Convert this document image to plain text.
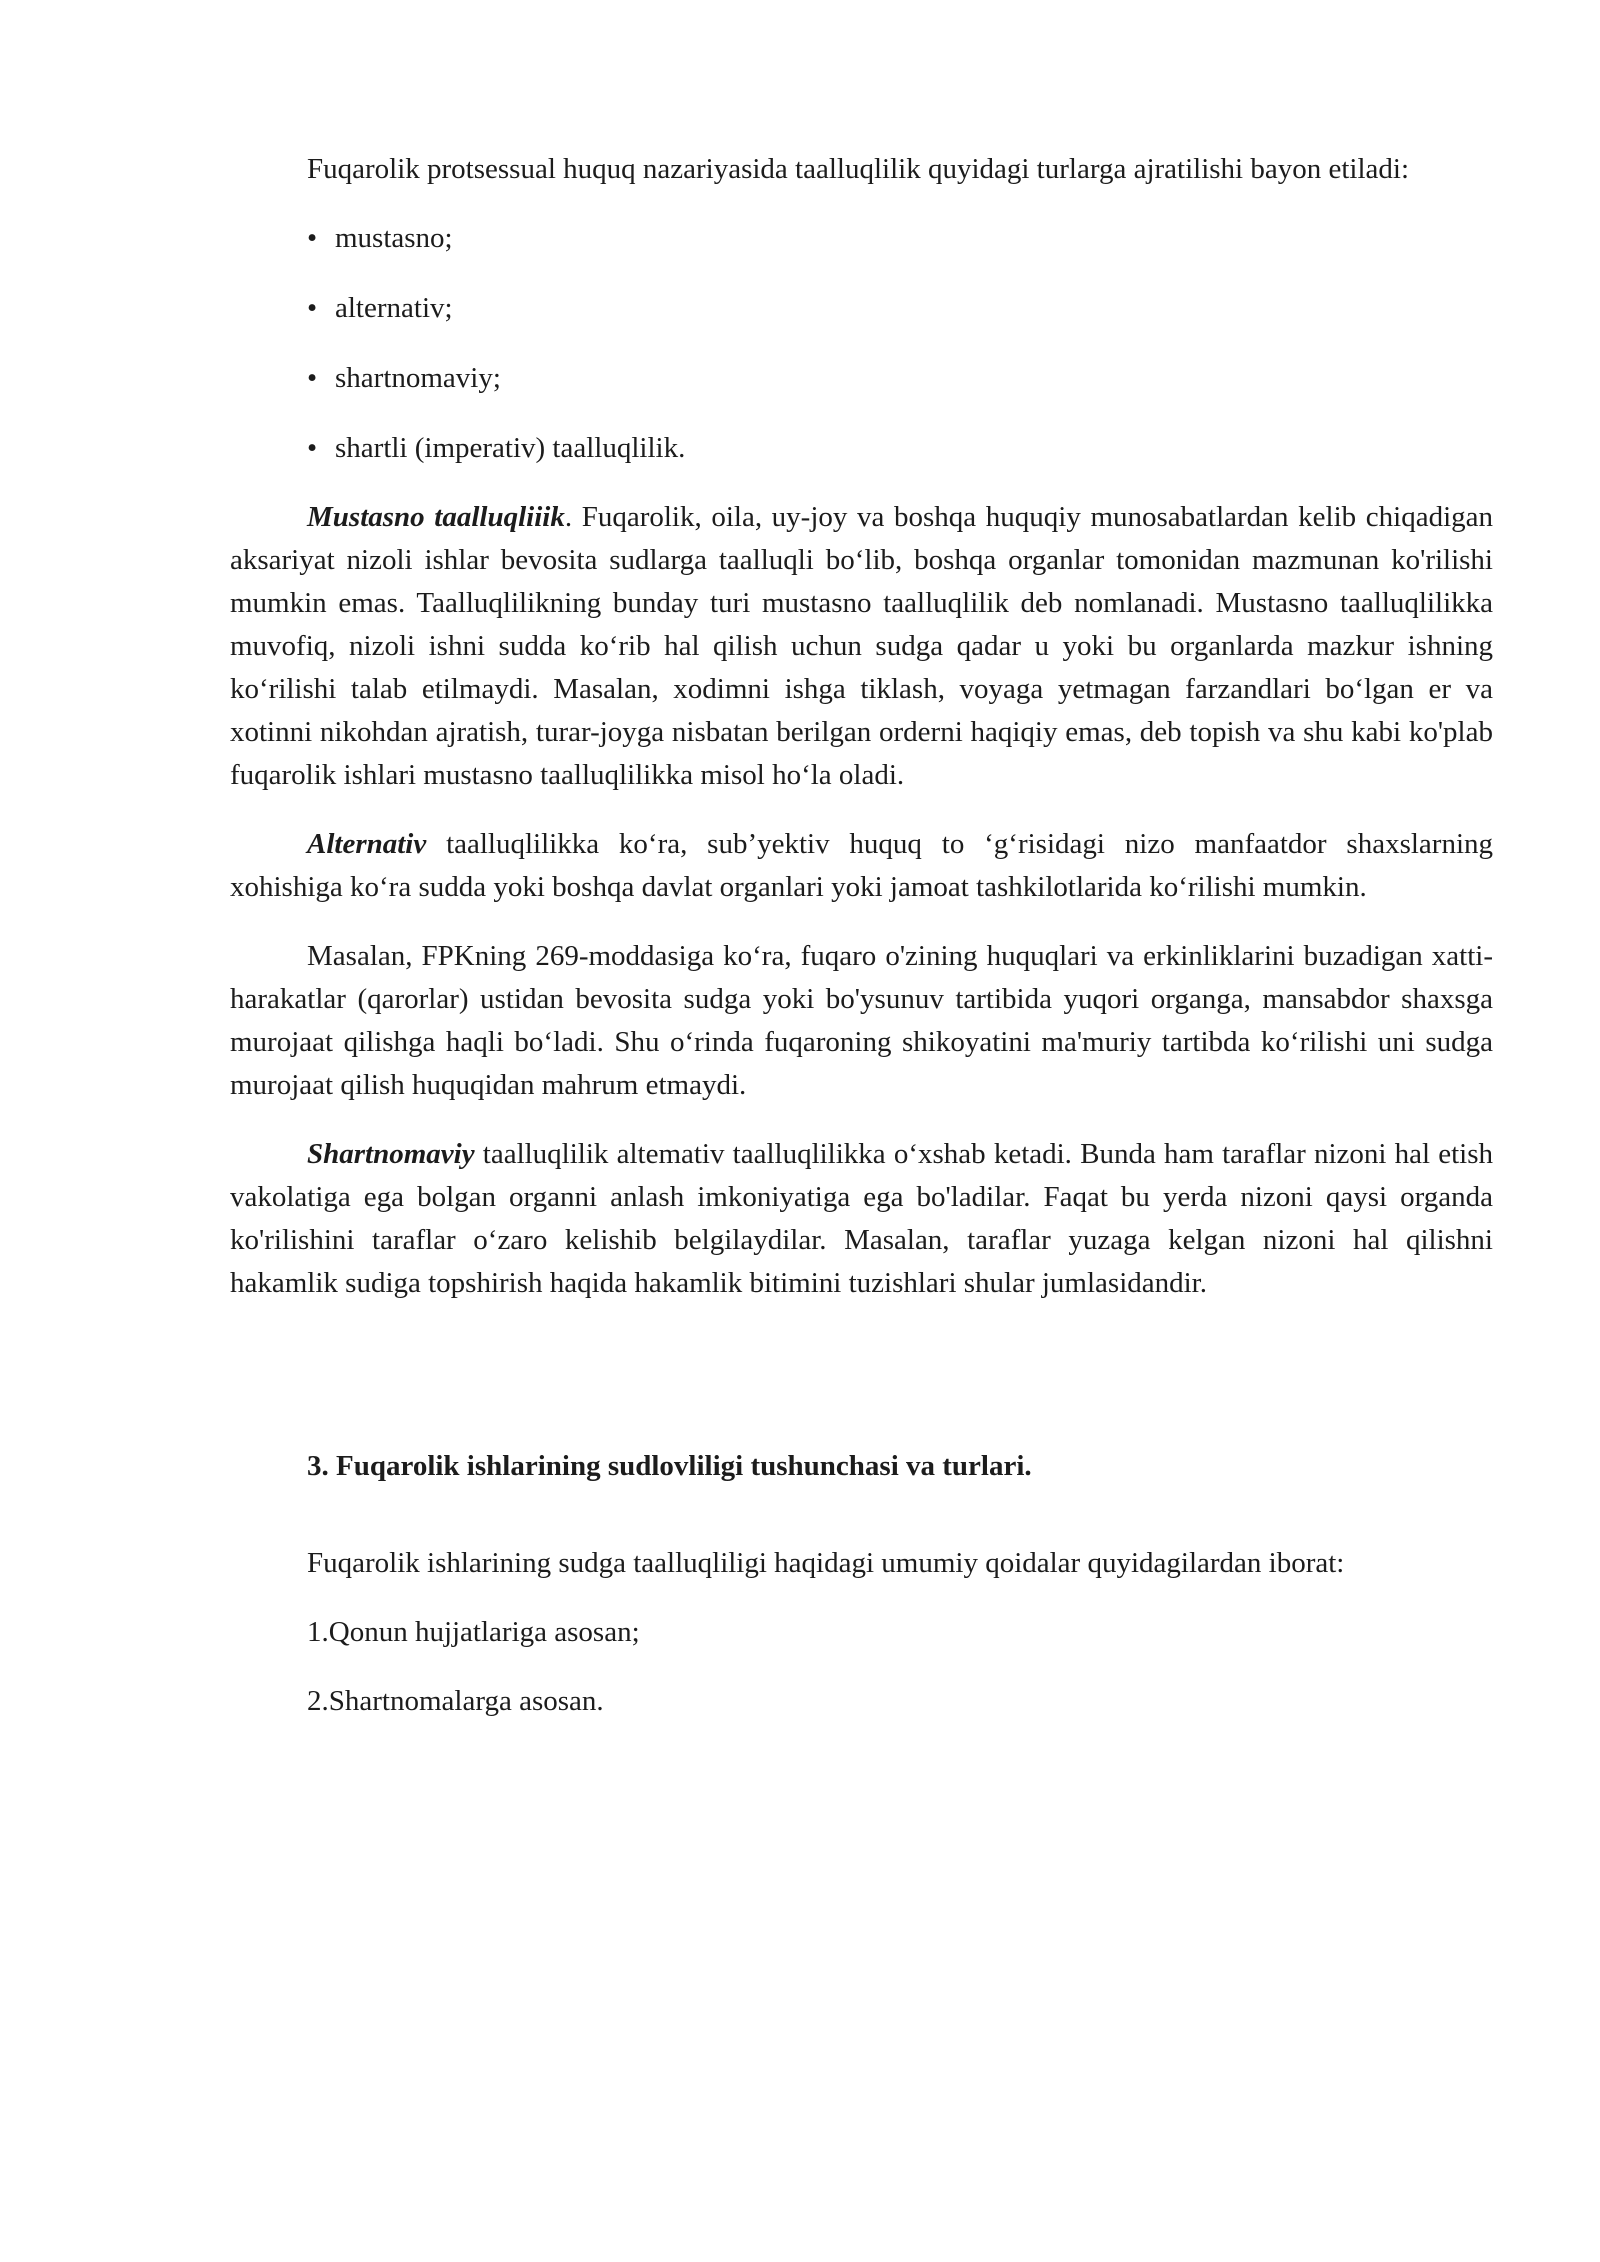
Fuqarolik protsessual huquq nazariyasida taalluqlilik quyidagi turlarga ajratilishi bayon etiladi:

• mustasno;
• alternativ;
• shartnomaviy;
• shartli (imperativ) taalluqlilik.

Mustasno taalluqliiik. Fuqarolik, oila, uy-joy va boshqa huquqiy munosabatlardan kelib chiqadigan aksariyat nizoli ishlar bevosita sudlarga taalluqli bo‘lib, boshqa organlar tomonidan mazmunan ko'rilishi mumkin emas. Taalluqlilikning bunday turi mustasno taalluqlilik deb nomlanadi. Mustasno taalluqlilikka muvofiq, nizoli ishni sudda ko‘rib hal qilish uchun sudga qadar u yoki bu organlarda mazkur ishning ko‘rilishi talab etilmaydi. Masalan, xodimni ishga tiklash, voyaga yetmagan farzandlari bo‘lgan er va xotinni nikohdan ajratish, turar-joyga nisbatan berilgan orderni haqiqiy emas, deb topish va shu kabi ko'plab fuqarolik ishlari mustasno taalluqlilikka misol ho‘la oladi.

Alternativ taalluqlilikka ko‘ra, sub’yektiv huquq to ‘g‘risidagi nizo manfaatdor shaxslarning xohishiga ko‘ra sudda yoki boshqa davlat organlari yoki jamoat tashkilotlarida ko‘rilishi mumkin.

Masalan, FPKning 269-moddasiga ko‘ra, fuqaro o'zining huquqlari va erkinliklarini buzadigan xatti-harakatlar (qarorlar) ustidan bevosita sudga yoki bo'ysunuv tartibida yuqori organga, mansabdor shaxsga murojaat qilishga haqli bo‘ladi. Shu o‘rinda fuqaroning shikoyatini ma'muriy tartibda ko‘rilishi uni sudga murojaat qilish huquqidan mahrum etmaydi.

Shartnomaviy taalluqlilik altemativ taalluqlilikka o‘xshab ketadi. Bunda ham taraflar nizoni hal etish vakolatiga ega bolgan organni anlash imkoniyatiga ega bo'ladilar. Faqat bu yerda nizoni qaysi organda ko'rilishini taraflar o‘zaro kelishib belgilaydilar. Masalan, taraflar yuzaga kelgan nizoni hal qilishni hakamlik sudiga topshirish haqida hakamlik bitimini tuzishlari shular jumlasidandir.

3. Fuqarolik ishlarining sudlovliligi tushunchasi va turlari.

Fuqarolik ishlarining sudga taalluqliligi haqidagi umumiy qoidalar quyidagilardan iborat:

1.Qonun hujjatlariga asosan;

2.Shartnomalarga asosan.
